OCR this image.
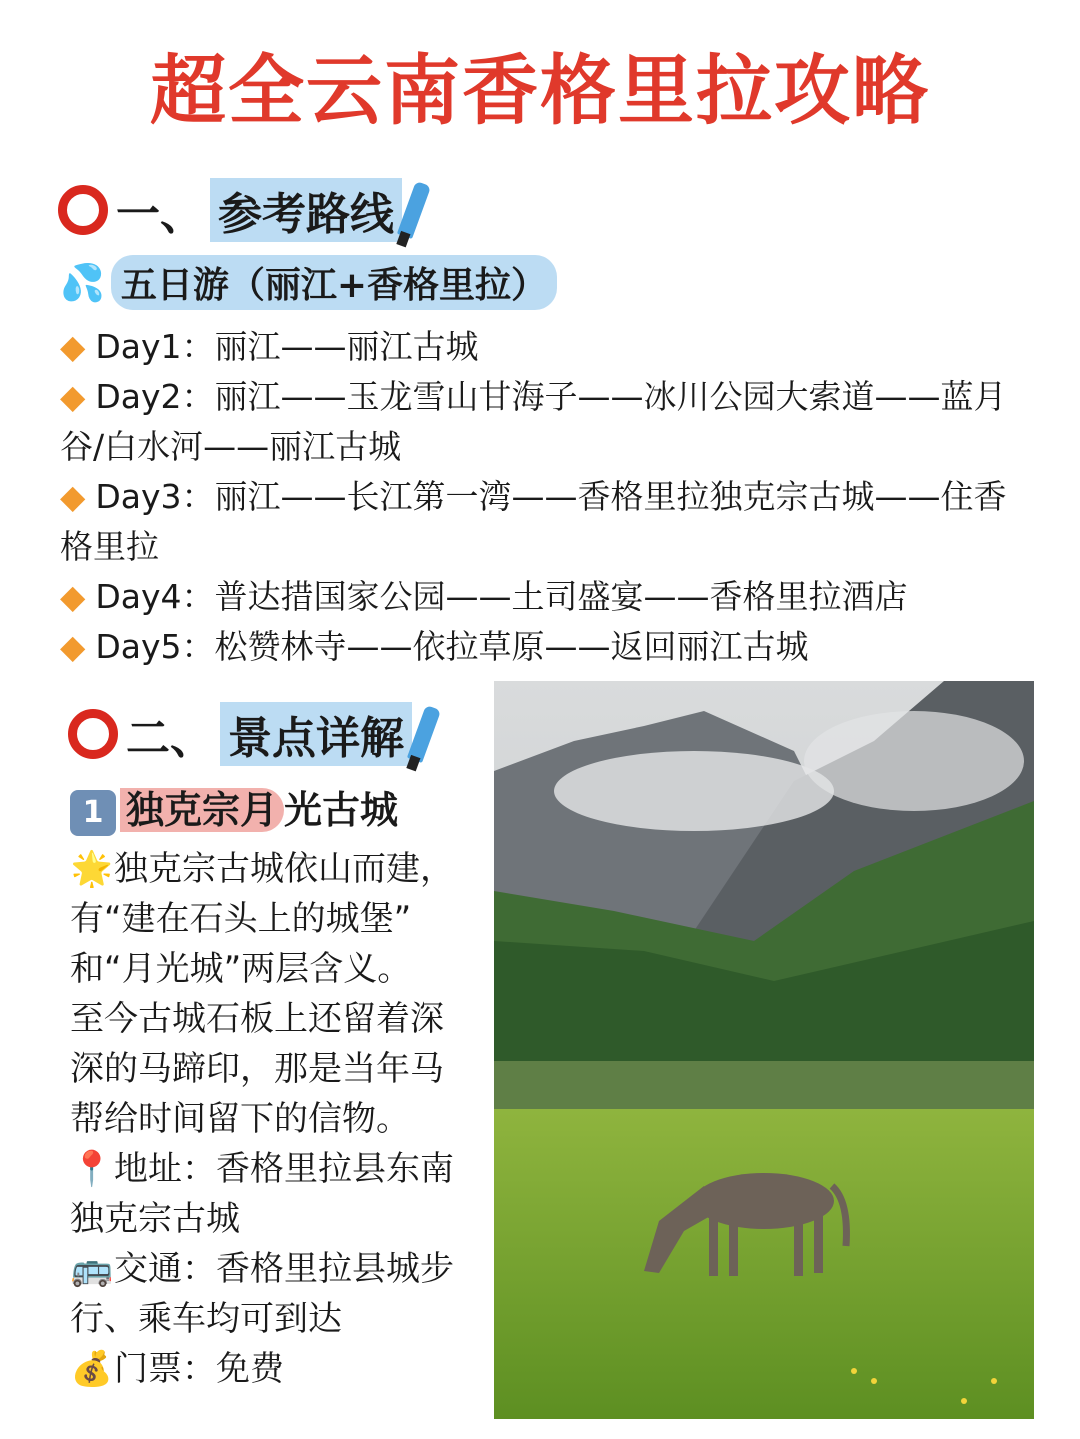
超全云南香格里拉攻略
一、 参考路线
💦 五日游（丽江+香格里拉）
◆ Day1：丽江——丽江古城
◆ Day2：丽江——玉龙雪山甘海子——冰川公园大索道——蓝月谷/白水河——丽江古城
◆ Day3：丽江——长江第一湾——香格里拉独克宗古城——住香格里拉
◆ Day4：普达措国家公园——土司盛宴——香格里拉酒店
◆ Day5：松赞林寺——依拉草原——返回丽江古城
二、 景点详解
1 独克宗月 光古城
🌟独克宗古城依山而建，
有“建在石头上的城堡”
和“月光城”两层含义。
至今古城石板上还留着深
深的马蹄印，那是当年马
帮给时间留下的信物。
📍地址：香格里拉县东南
独克宗古城
🚌交通：香格里拉县城步
行、乘车均可到达
💰门票：免费
